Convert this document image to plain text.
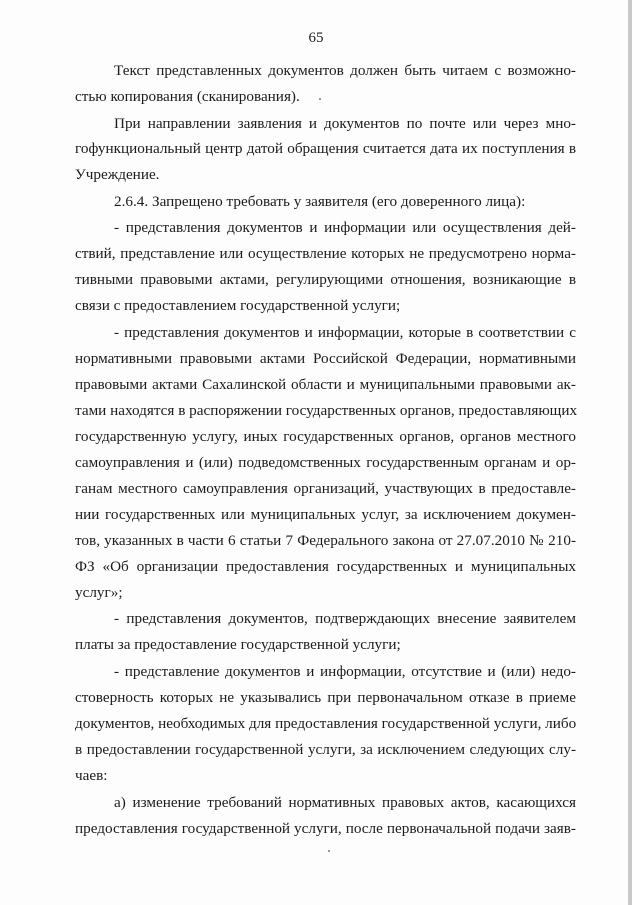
65

Текст представленных документов должен быть читаем с возможно-

стью копирования (сканирования).

При направлении заявления и документов по почте или через мно-

гофункциональный центр датой обращения считается дата их поступления в

Учреждение.

2.6.4. Запрещено требовать у заявителя (его доверенного лица):

- представления документов и информации или осуществления дей-

ствий, представление или осуществление которых не предусмотрено норма-

тивными правовыми актами, регулирующими отношения, возникающие в

связи с предоставлением государственной услуги;

- представления документов и информации, которые в соответствии с

нормативными правовыми актами Российской Федерации, нормативными

правовыми актами Сахалинской области и муниципальными правовыми ак-

тами находятся в распоряжении государственных органов, предоставляющих

государственную услугу, иных государственных органов, органов местного

самоуправления и (или) подведомственных государственным органам и ор-

ганам местного самоуправления организаций, участвующих в предоставле-

нии государственных или муниципальных услуг, за исключением докумен-

тов, указанных в части 6 статьи 7 Федерального закона от 27.07.2010 № 210-

ФЗ «Об организации предоставления государственных и муниципальных

услуг»;

- представления документов, подтверждающих внесение заявителем

платы за предоставление государственной услуги;

- представление документов и информации, отсутствие и (или) недо-

стоверность которых не указывались при первоначальном отказе в приеме

документов, необходимых для предоставления государственной услуги, либо

в предоставлении государственной услуги, за исключением следующих слу-

чаев:

а) изменение требований нормативных правовых актов, касающихся

предоставления государственной услуги, после первоначальной подачи заяв-
